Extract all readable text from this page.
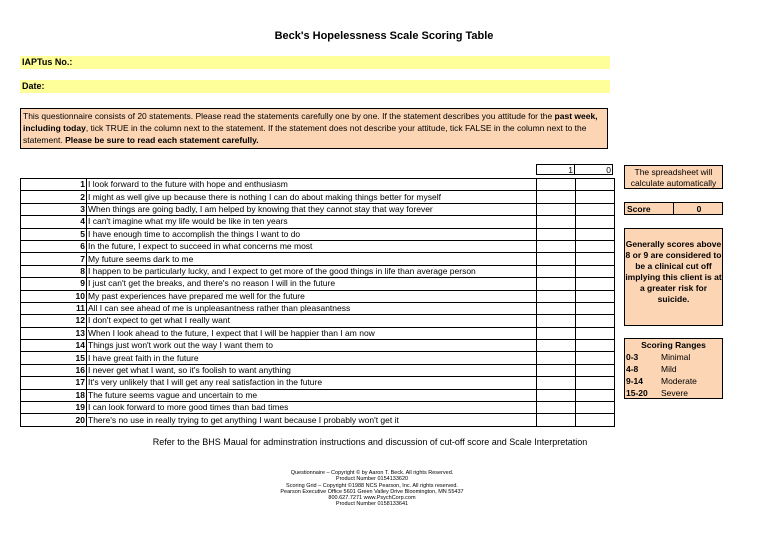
Beck's Hopelessness Scale Scoring Table
IAPTus No.:
Date:
This questionnaire consists of 20 statements. Please read the statements carefully one by one. If the statement describes you attitude for the past week, including today, tick TRUE in the column next to the statement. If the statement does not describe your attitude, tick FALSE in the column next to the statement. Please be sure to read each statement carefully.
1	0
1	I look forward to the future with hope and enthusiasm		
2	I might as well give up because there is nothing I can do about making things better for myself		
3	When things are going badly, I am helped by knowing that they cannot stay that way forever		
4	I can't imagine what my life would be like in ten years		
5	I have enough time to accomplish the things I want to do		
6	In the future, I expect to succeed in what concerns me most		
7	My future seems dark to me		
8	I happen to be particularly lucky, and I expect to get more of the good things in life than average person		
9	I just can't get the breaks, and there's no reason I will in the future		
10	My past experiences have prepared me well for the future		
11	All I can see ahead of me is unpleasantness rather than pleasantness		
12	I don't expect to get what I really want		
13	When I look ahead to the future, I expect that I will be happier than I am now		
14	Things just won't work out the way I want them to		
15	I have great faith in the future		
16	I never get what I want, so it's foolish to want anything		
17	It's very unlikely that I will get any real satisfaction in the future		
18	The future seems vague and uncertain to me		
19	I can look forward to more good times than bad times		
20	There's no use in really trying to get anything I want because I probably won't get it		
The spreadsheet will calculate automatically
Score	0
Generally scores above 8 or 9 are considered to be a clinical cut off implying this client is at a greater risk for suicide.
Scoring Ranges
0-3	Minimal
4-8	Mild
9-14 Moderate
15-20 Severe
Refer to the BHS Maual for adminstration instructions and discussion of cut-off score and Scale Interpretation
Questionnaire – Copyright © by Aaron T. Beck. All rights Reserved.
Product Number 0154133620
Scoring Grid – Copyright ©1988 NCS Pearson, Inc. All rights reserved.
Pearson Executive Office 5601 Green Valley Drive Bloomington, MN 55437
800.627.7271 www.PsychCorp.com
Product Number 0158133641
